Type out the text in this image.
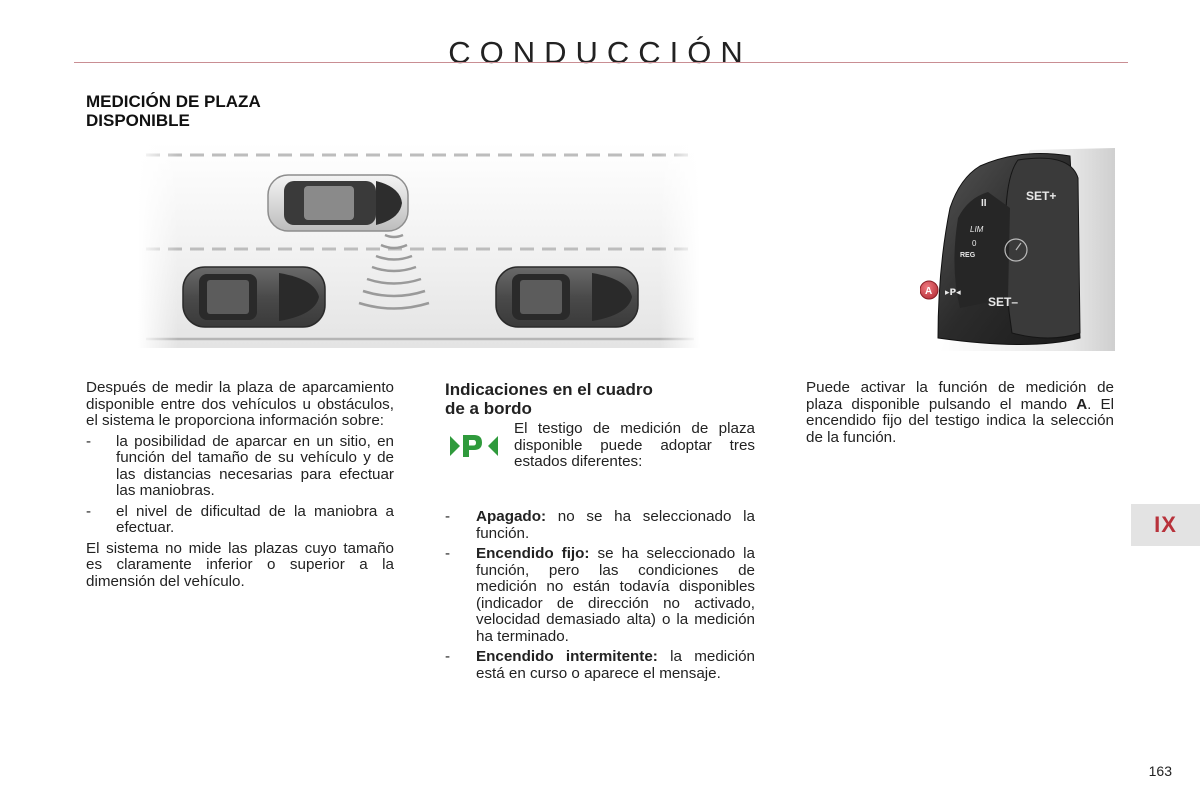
CONDUCCIÓN
MEDICIÓN DE PLAZA
DISPONIBLE
SET+
SET–
II
LIM
0
REG
▸P◂
A

Después de medir la plaza de aparcamiento disponible entre dos vehículos u obstáculos, el sistema le proporciona información sobre:

- la posibilidad de aparcar en un sitio, en función del tamaño de su vehículo y de las distancias necesarias para efectuar las maniobras.
- el nivel de dificultad de la maniobra a efectuar.

El sistema no mide las plazas cuyo tamaño es claramente inferior o superior a la dimensión del vehículo.

Indicaciones en el cuadro
de a bordo

El testigo de medición de plaza disponible puede adoptar tres estados diferentes:

- Apagado: no se ha seleccionado la función.
- Encendido fijo: se ha seleccionado la función, pero las condiciones de medición no están todavía disponibles (indicador de dirección no activado, velocidad demasiado alta) o la medición ha terminado.
- Encendido intermitente: la medición está en curso o aparece el mensaje.

Puede activar la función de medición de plaza disponible pulsando el mando A. El encendido fijo del testigo indica la selección de la función.

IX
163
